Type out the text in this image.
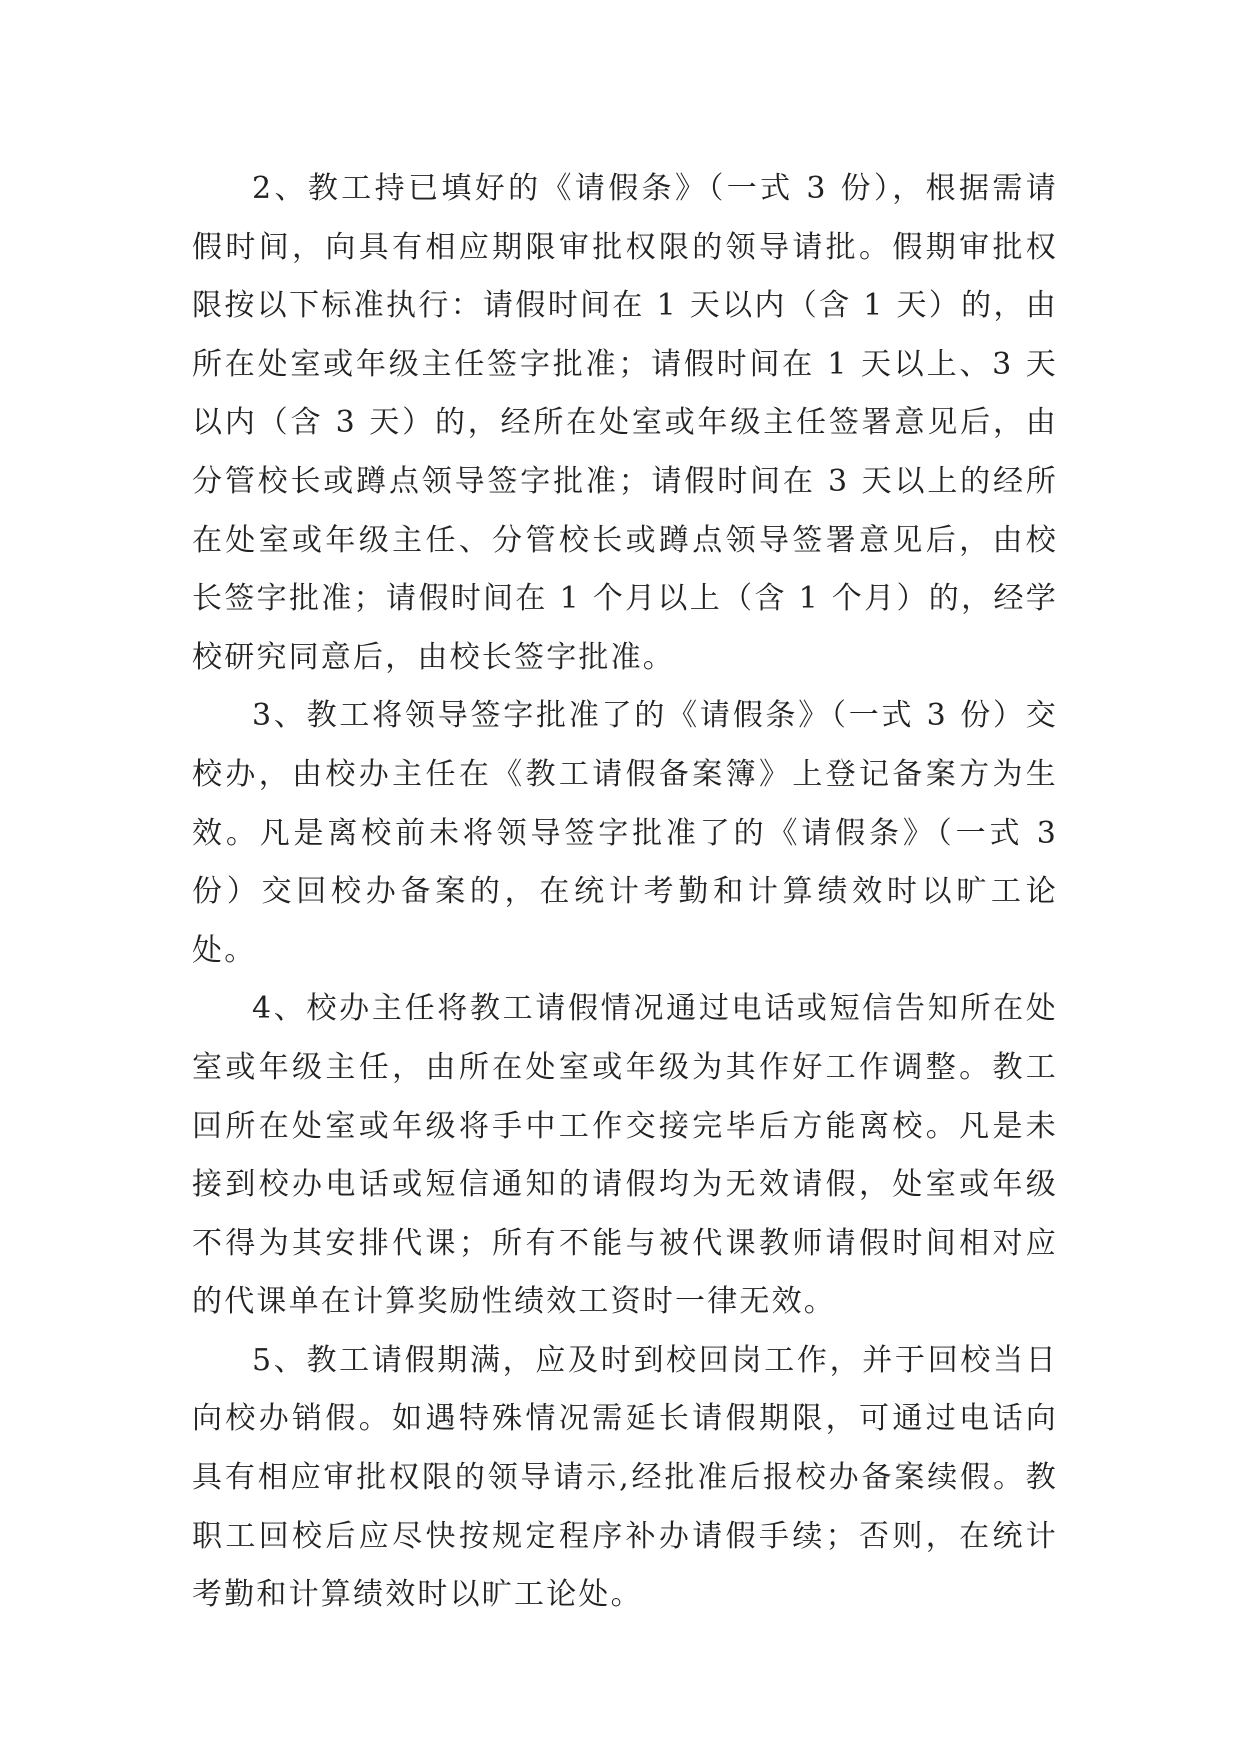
2、教工持已填好的《请假条》（一式 3 份），根据需请假时间，向具有相应期限审批权限的领导请批。假期审批权限按以下标准执行：请假时间在 1 天以内（含 1 天）的，由所在处室或年级主任签字批准；请假时间在 1 天以上、3 天以内（含 3 天）的，经所在处室或年级主任签署意见后，由分管校长或蹲点领导签字批准；请假时间在 3 天以上的经所在处室或年级主任、分管校长或蹲点领导签署意见后，由校长签字批准；请假时间在 1 个月以上（含 1 个月）的，经学校研究同意后，由校长签字批准。

3、教工将领导签字批准了的《请假条》（一式 3 份）交校办，由校办主任在《教工请假备案簿》上登记备案方为生效。凡是离校前未将领导签字批准了的《请假条》（一式 3 份）交回校办备案的，在统计考勤和计算绩效时以旷工论处。

4、校办主任将教工请假情况通过电话或短信告知所在处室或年级主任，由所在处室或年级为其作好工作调整。教工回所在处室或年级将手中工作交接完毕后方能离校。凡是未接到校办电话或短信通知的请假均为无效请假，处室或年级不得为其安排代课；所有不能与被代课教师请假时间相对应的代课单在计算奖励性绩效工资时一律无效。

5、教工请假期满，应及时到校回岗工作，并于回校当日向校办销假。如遇特殊情况需延长请假期限，可通过电话向具有相应审批权限的领导请示,经批准后报校办备案续假。教职工回校后应尽快按规定程序补办请假手续；否则，在统计考勤和计算绩效时以旷工论处。
